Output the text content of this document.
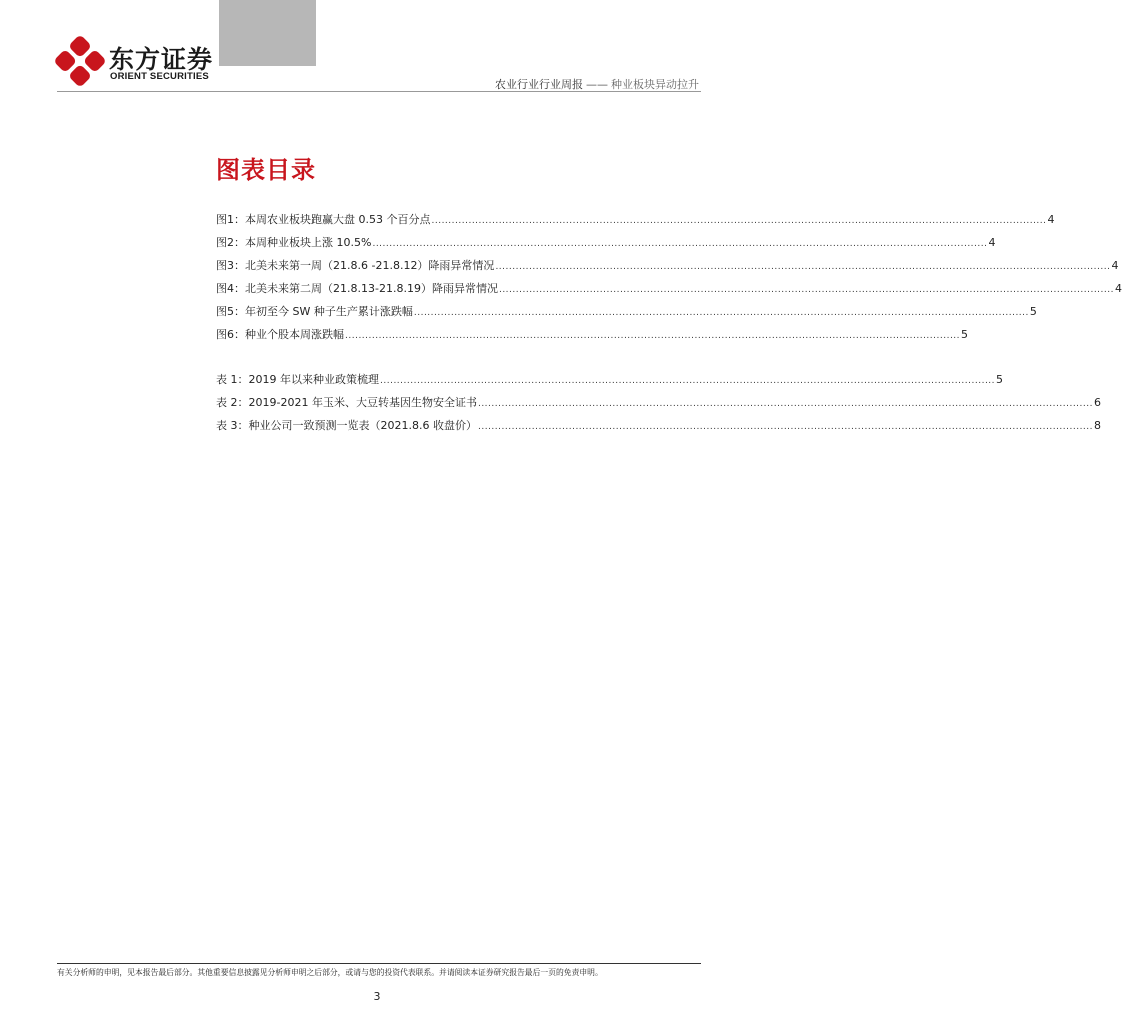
东方证券
ORIENT SECURITIES
农业行业行业周报 —— 种业板块异动拉升
图表目录
图1：本周农业板块跑赢大盘 0.53 个百分点 ....................................................................................................................................................................................... 4
图2：本周种业板块上涨 10.5% ....................................................................................................................................................................................... 4
图3：北美未来第一周（21.8.6 -21.8.12）降雨异常情况 ....................................................................................................................................................................................... 4
图4：北美未来第二周（21.8.13-21.8.19）降雨异常情况 ....................................................................................................................................................................................... 4
图5：年初至今 SW 种子生产累计涨跌幅 ....................................................................................................................................................................................... 5
图6：种业个股本周涨跌幅 ....................................................................................................................................................................................... 5
表 1：2019 年以来种业政策梳理 ....................................................................................................................................................................................... 5
表 2：2019-2021 年玉米、大豆转基因生物安全证书 ....................................................................................................................................................................................... 6
表 3：种业公司一致预测一览表（2021.8.6 收盘价） ....................................................................................................................................................................................... 8
有关分析师的申明，见本报告最后部分。其他重要信息披露见分析师申明之后部分，或请与您的投资代表联系。并请阅读本证券研究报告最后一页的免责申明。
3
